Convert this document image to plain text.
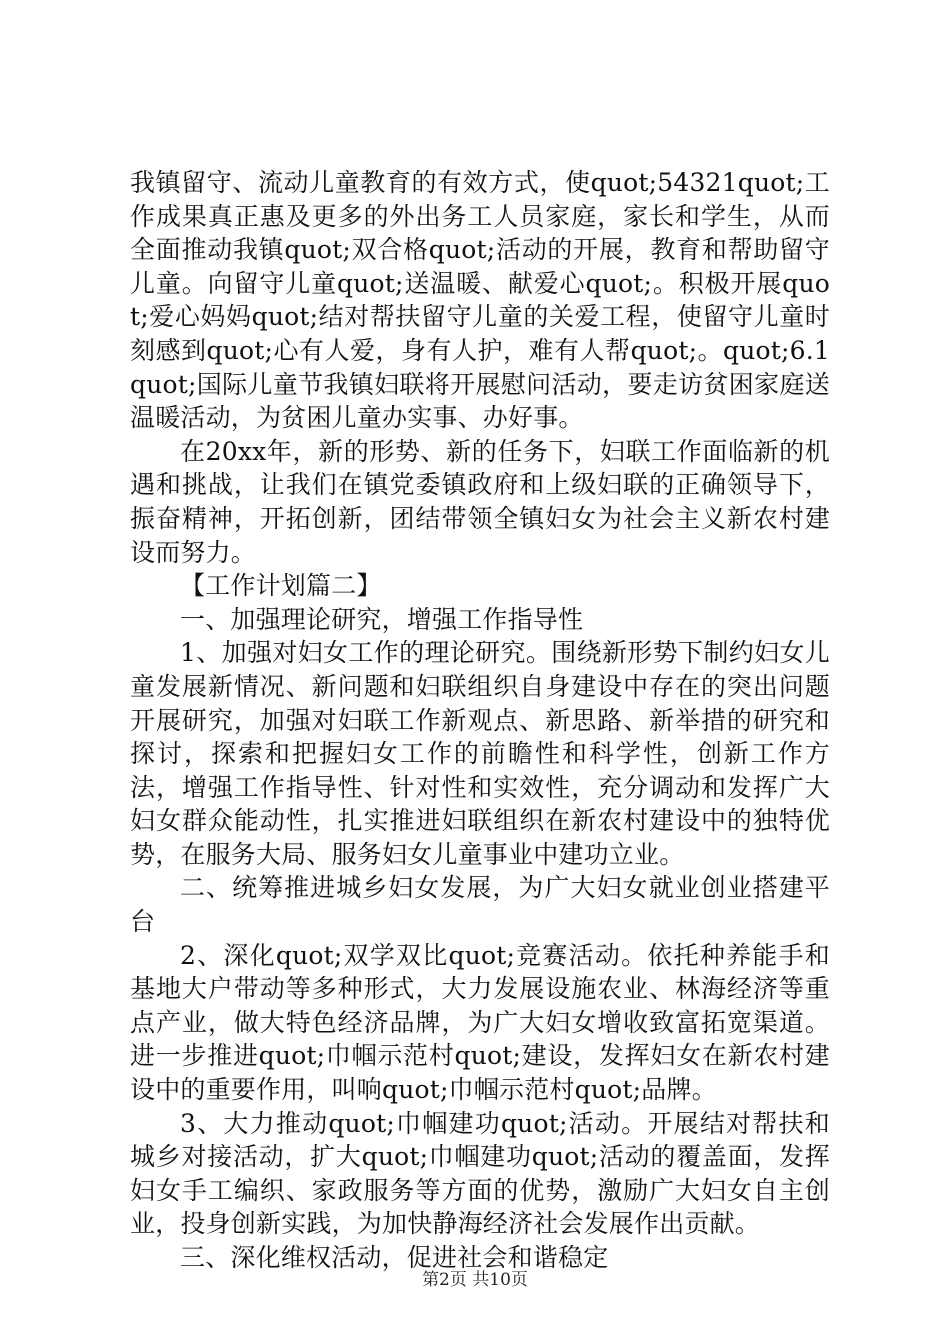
我镇留守、流动儿童教育的有效方式，使quot;54321quot;工作成果真正惠及更多的外出务工人员家庭，家长和学生，从而全面推动我镇quot;双合格quot;活动的开展，教育和帮助留守儿童。向留守儿童quot;送温暖、献爱心quot;。积极开展quot;爱心妈妈quot;结对帮扶留守儿童的关爱工程，使留守儿童时刻感到quot;心有人爱，身有人护，难有人帮quot;。quot;6.1quot;国际儿童节我镇妇联将开展慰问活动，要走访贫困家庭送温暖活动，为贫困儿童办实事、办好事。

在20xx年，新的形势、新的任务下，妇联工作面临新的机遇和挑战，让我们在镇党委镇政府和上级妇联的正确领导下，振奋精神，开拓创新，团结带领全镇妇女为社会主义新农村建设而努力。

【工作计划篇二】

一、加强理论研究，增强工作指导性

1、加强对妇女工作的理论研究。围绕新形势下制约妇女儿童发展新情况、新问题和妇联组织自身建设中存在的突出问题开展研究，加强对妇联工作新观点、新思路、新举措的研究和探讨，探索和把握妇女工作的前瞻性和科学性，创新工作方法，增强工作指导性、针对性和实效性，充分调动和发挥广大妇女群众能动性，扎实推进妇联组织在新农村建设中的独特优势，在服务大局、服务妇女儿童事业中建功立业。

二、统筹推进城乡妇女发展，为广大妇女就业创业搭建平台

2、深化quot;双学双比quot;竞赛活动。依托种养能手和基地大户带动等多种形式，大力发展设施农业、林海经济等重点产业，做大特色经济品牌，为广大妇女增收致富拓宽渠道。进一步推进quot;巾帼示范村quot;建设，发挥妇女在新农村建设中的重要作用，叫响quot;巾帼示范村quot;品牌。

3、大力推动quot;巾帼建功quot;活动。开展结对帮扶和城乡对接活动，扩大quot;巾帼建功quot;活动的覆盖面，发挥妇女手工编织、家政服务等方面的优势，激励广大妇女自主创业，投身创新实践，为加快静海经济社会发展作出贡献。

三、深化维权活动，促进社会和谐稳定

第2页 共10页
